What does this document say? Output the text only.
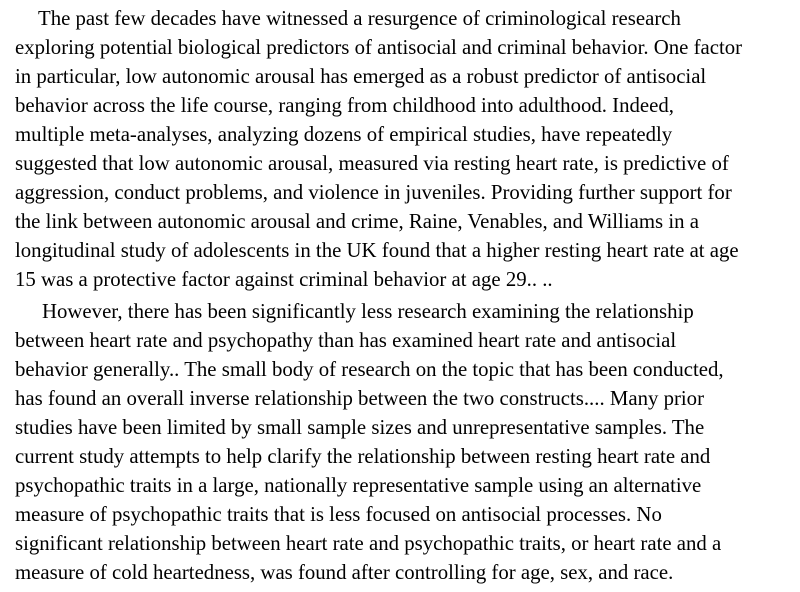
The past few decades have witnessed a resurgence of criminological research

exploring potential biological predictors of antisocial and criminal behavior. One factor

in particular, low autonomic arousal has emerged as a robust predictor of antisocial

behavior across the life course, ranging from childhood into adulthood. Indeed,

multiple meta-analyses, analyzing dozens of empirical studies, have repeatedly

suggested that low autonomic arousal, measured via resting heart rate, is predictive of

aggression, conduct problems, and violence in juveniles. Providing further support for

the link between autonomic arousal and crime, Raine, Venables, and Williams in a

longitudinal study of adolescents in the UK found that a higher resting heart rate at age

15 was a protective factor against criminal behavior at age 29.. ..

However, there has been significantly less research examining the relationship

between heart rate and psychopathy than has examined heart rate and antisocial

behavior generally.. The small body of research on the topic that has been conducted,

has found an overall inverse relationship between the two constructs.... Many prior

studies have been limited by small sample sizes and unrepresentative samples. The

current study attempts to help clarify the relationship between resting heart rate and

psychopathic traits in a large, nationally representative sample using an alternative

measure of psychopathic traits that is less focused on antisocial processes. No

significant relationship between heart rate and psychopathic traits, or heart rate and a

measure of cold heartedness, was found after controlling for age, sex, and race.
